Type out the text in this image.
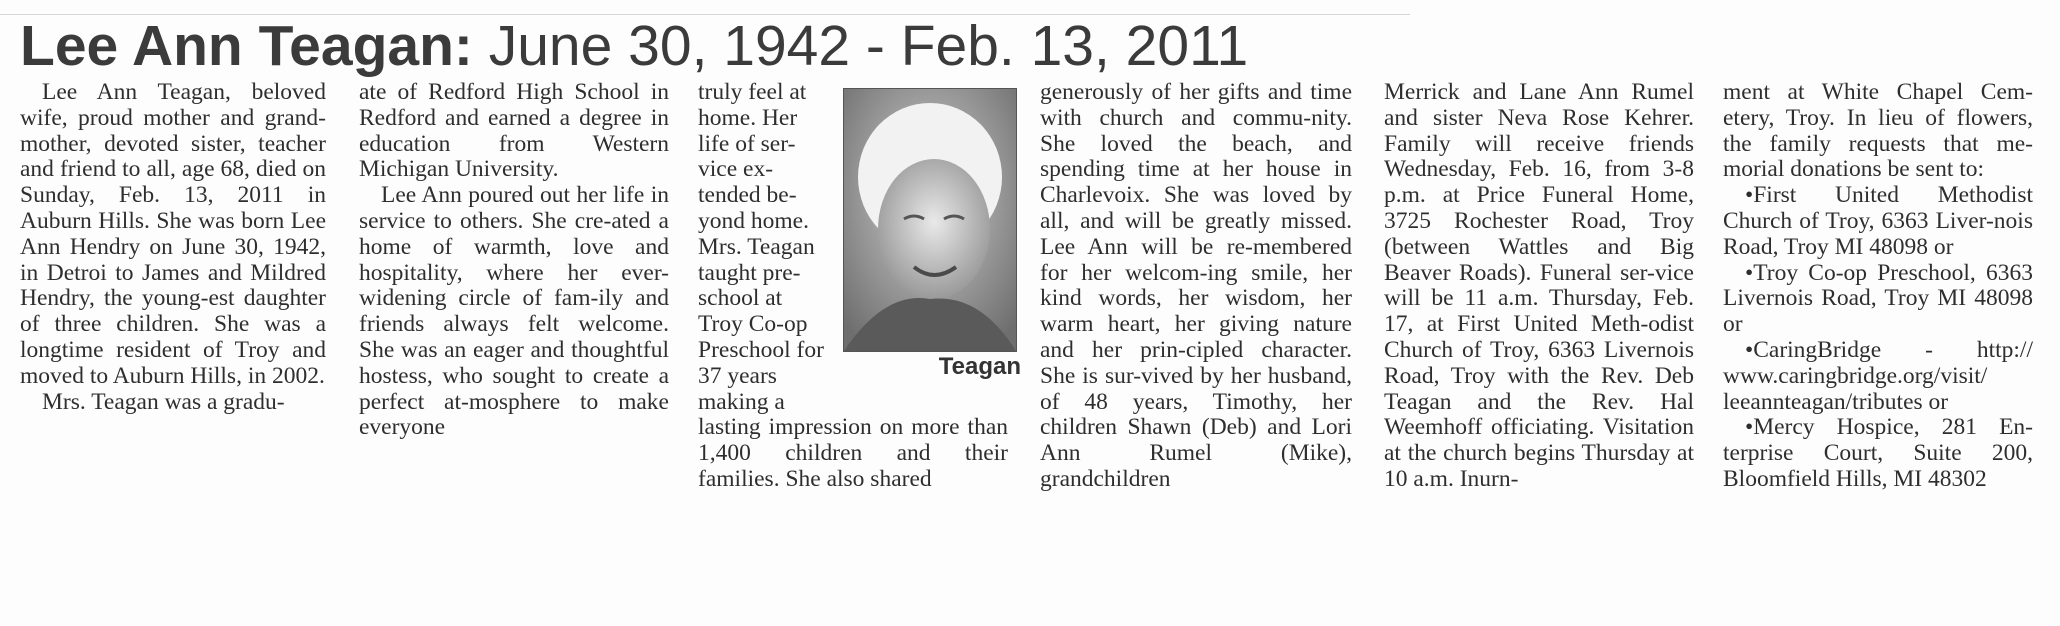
Lee Ann Teagan: June 30, 1942 - Feb. 13, 2011

Lee Ann Teagan, beloved wife, proud mother and grand-mother, devoted sister, teacher and friend to all, age 68, died on Sunday, Feb. 13, 2011 in Auburn Hills. She was born Lee Ann Hendry on June 30, 1942, in Detroi to James and Mildred Hendry, the young-est daughter of three children. She was a longtime resident of Troy and moved to Auburn Hills, in 2002.

Mrs. Teagan was a gradu-

ate of Redford High School in Redford and earned a degree in education from Western Michigan University.

Lee Ann poured out her life in service to others. She cre-ated a home of warmth, love and hospitality, where her ever-widening circle of fam-ily and friends always felt welcome. She was an eager and thoughtful hostess, who sought to create a perfect at-mosphere to make everyone

truly feel at home. Her life of ser-vice ex-tended be-yond home. Mrs. Teagan taught pre-school at Troy Co-op Preschool for 37 years making a

lasting impression on more than 1,400 children and their families. She also shared

Teagan

generously of her gifts and time with church and commu-nity. She loved the beach, and spending time at her house in Charlevoix. She was loved by all, and will be greatly missed. Lee Ann will be re-membered for her welcom-ing smile, her kind words, her wisdom, her warm heart, her giving nature and her prin-cipled character. She is sur-vived by her husband, of 48 years, Timothy, her children Shawn (Deb) and Lori Ann Rumel (Mike), grandchildren

Merrick and Lane Ann Rumel and sister Neva Rose Kehrer. Family will receive friends Wednesday, Feb. 16, from 3-8 p.m. at Price Funeral Home, 3725 Rochester Road, Troy (between Wattles and Big Beaver Roads). Funeral ser-vice will be 11 a.m. Thursday, Feb. 17, at First United Meth-odist Church of Troy, 6363 Livernois Road, Troy with the Rev. Deb Teagan and the Rev. Hal Weemhoff officiating. Visitation at the church begins Thursday at 10 a.m. Inurn-

ment at White Chapel Cem-etery, Troy. In lieu of flowers, the family requests that me-morial donations be sent to:

•First United Methodist Church of Troy, 6363 Liver-nois Road, Troy MI 48098 or

•Troy Co-op Preschool, 6363 Livernois Road, Troy MI 48098 or

•CaringBridge - http:// www.caringbridge.org/visit/ leeannteagan/tributes or

•Mercy Hospice, 281 En-terprise Court, Suite 200, Bloomfield Hills, MI 48302
